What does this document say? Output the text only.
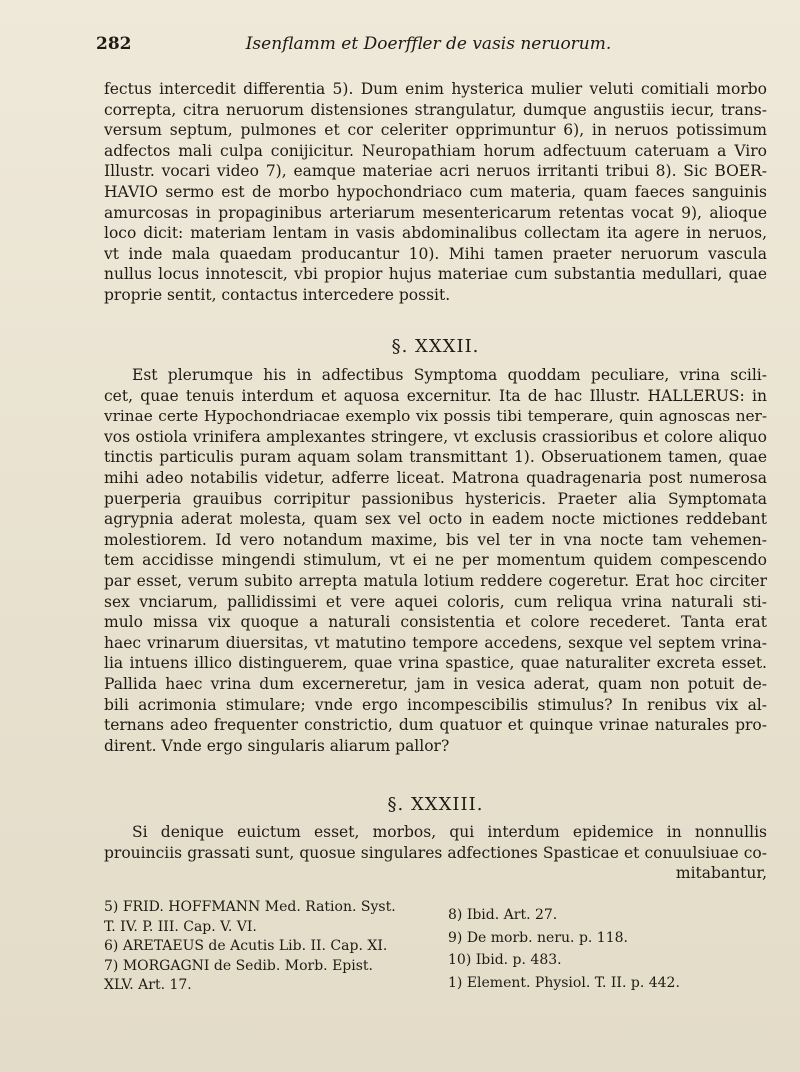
282	Isenflamm et Doerffler de vasis neruorum.
fectus intercedit differentia 5). Dum enim hysterica mulier veluti comitiali morbo
correpta, citra neruorum distensiones strangulatur, dumque angustiis iecur, trans-
versum septum, pulmones et cor celeriter opprimuntur 6), in neruos potissimum
adfectos mali culpa conijicitur. Neuropathiam horum adfectuum cateruam a Viro
Illustr. vocari video 7), eamque materiae acri neruos irritanti tribui 8). Sic BOER-
HAVIO sermo est de morbo hypochondriaco cum materia, quam faeces sanguinis
amurcosas in propaginibus arteriarum mesentericarum retentas vocat 9), alioque
loco dicit: materiam lentam in vasis abdominalibus collectam ita agere in neruos,
vt inde mala quaedam producantur 10). Mihi tamen praeter neruorum vascula
nullus locus innotescit, vbi propior hujus materiae cum substantia medullari, quae
proprie sentit, contactus intercedere possit.
§. XXXII.
Est plerumque his in adfectibus Symptoma quoddam peculiare, vrina scili-
cet, quae tenuis interdum et aquosa excernitur. Ita de hac Illustr. HALLERUS: in
vrinae certe Hypochondriacae exemplo vix possis tibi temperare, quin agnoscas ner-
vos ostiola vrinifera amplexantes stringere, vt exclusis crassioribus et colore aliquo
tinctis particulis puram aquam solam transmittant 1). Obseruationem tamen, quae
mihi adeo notabilis videtur, adferre liceat. Matrona quadragenaria post numerosa
puerperia grauibus corripitur passionibus hystericis. Praeter alia Symptomata
agrypnia aderat molesta, quam sex vel octo in eadem nocte mictiones reddebant
molestiorem. Id vero notandum maxime, bis vel ter in vna nocte tam vehemen-
tem accidisse mingendi stimulum, vt ei ne per momentum quidem compescendo
par esset, verum subito arrepta matula lotium reddere cogeretur. Erat hoc circiter
sex vnciarum, pallidissimi et vere aquei coloris, cum reliqua vrina naturali sti-
mulo missa vix quoque a naturali consistentia et colore recederet. Tanta erat
haec vrinarum diuersitas, vt matutino tempore accedens, sexque vel septem vrina-
lia intuens illico distinguerem, quae vrina spastice, quae naturaliter excreta esset.
Pallida haec vrina dum excerneretur, jam in vesica aderat, quam non potuit de-
bili acrimonia stimulare; vnde ergo incompescibilis stimulus? In renibus vix al-
ternans adeo frequenter constrictio, dum quatuor et quinque vrinae naturales pro-
dirent. Vnde ergo singularis aliarum pallor?
§. XXXIII.
Si denique euictum esset, morbos, qui interdum epidemice in nonnullis
prouinciis grassati sunt, quosue singulares adfectiones Spasticae et conuulsiuae co-
mitabantur,
5) FRID. HOFFMANN Med. Ration. Syst.
T. IV. P. III. Cap. V. VI.
6) ARETAEUS de Acutis Lib. II. Cap. XI.
7) MORGAGNI de Sedib. Morb. Epist.
XLV. Art. 17.
8) Ibid. Art. 27.
9) De morb. neru. p. 118.
10) Ibid. p. 483.
1) Element. Physiol. T. II. p. 442.
